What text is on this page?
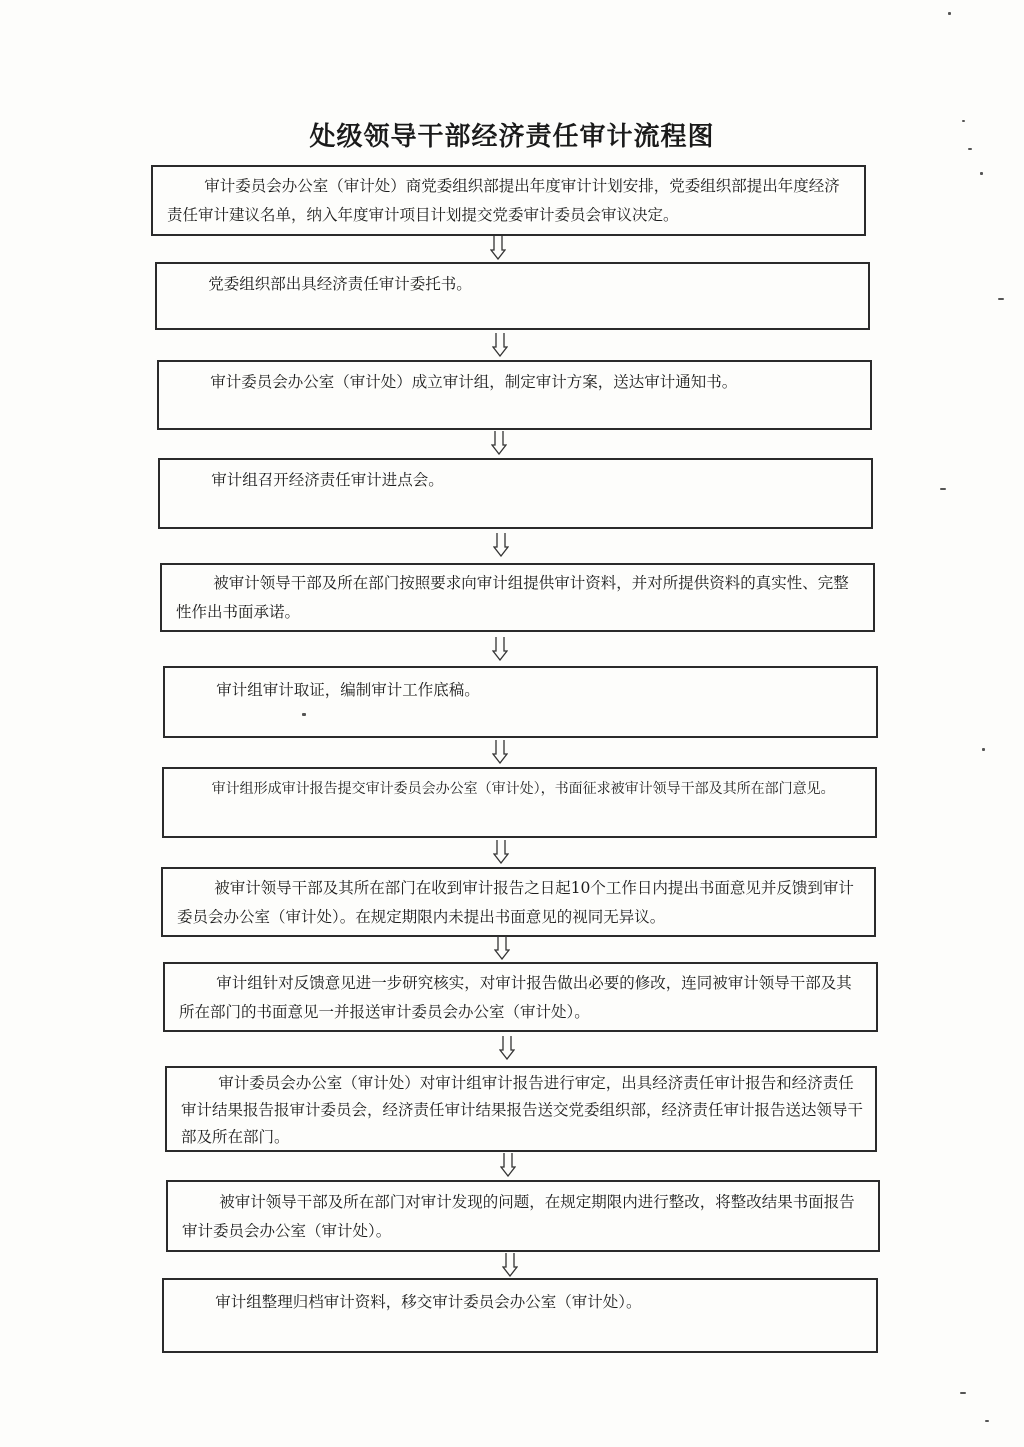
处级领导干部经济责任审计流程图

审计委员会办公室（审计处）商党委组织部提出年度审计计划安排，党委组织部提出年度经济责任审计建议名单，纳入年度审计项目计划提交党委审计委员会审议决定。

党委组织部出具经济责任审计委托书。

审计委员会办公室（审计处）成立审计组，制定审计方案，送达审计通知书。

审计组召开经济责任审计进点会。

被审计领导干部及所在部门按照要求向审计组提供审计资料，并对所提供资料的真实性、完整性作出书面承诺。

审计组审计取证，编制审计工作底稿。

审计组形成审计报告提交审计委员会办公室（审计处），书面征求被审计领导干部及其所在部门意见。

被审计领导干部及其所在部门在收到审计报告之日起10个工作日内提出书面意见并反馈到审计委员会办公室（审计处）。在规定期限内未提出书面意见的视同无异议。

审计组针对反馈意见进一步研究核实，对审计报告做出必要的修改，连同被审计领导干部及其所在部门的书面意见一并报送审计委员会办公室（审计处）。

审计委员会办公室（审计处）对审计组审计报告进行审定，出具经济责任审计报告和经济责任审计结果报告报审计委员会，经济责任审计结果报告送交党委组织部，经济责任审计报告送达领导干部及所在部门。

被审计领导干部及所在部门对审计发现的问题，在规定期限内进行整改，将整改结果书面报告审计委员会办公室（审计处）。

审计组整理归档审计资料，移交审计委员会办公室（审计处）。
